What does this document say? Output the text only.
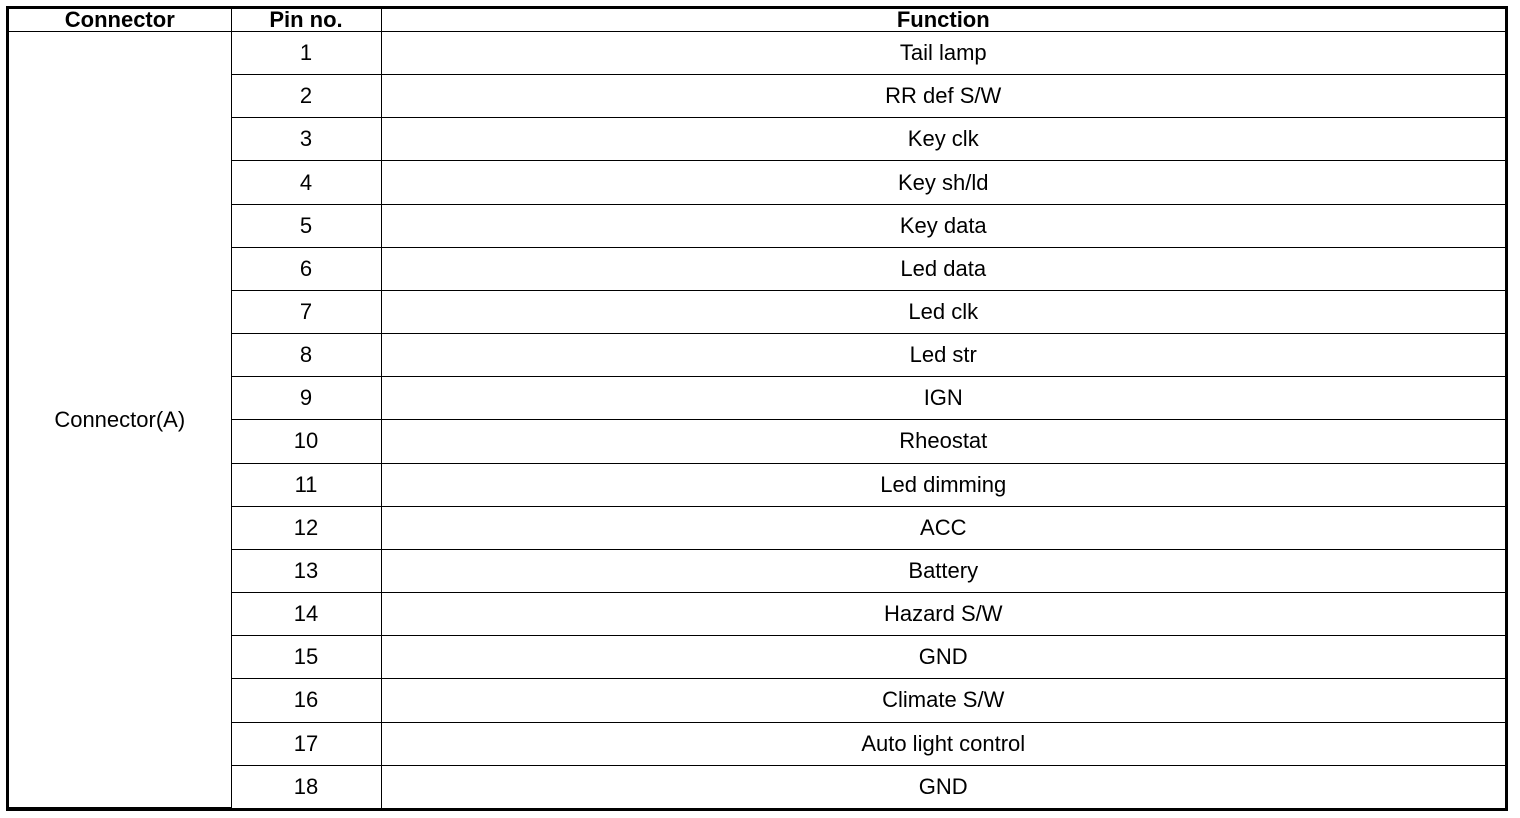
Connector	Pin no.	Function
Connector(A)	1	Tail lamp
	2	RR def S/W
	3	Key clk
	4	Key sh/ld
	5	Key data
	6	Led data
	7	Led clk
	8	Led str
	9	IGN
	10	Rheostat
	11	Led dimming
	12	ACC
	13	Battery
	14	Hazard S/W
	15	GND
	16	Climate S/W
	17	Auto light control
	18	GND
